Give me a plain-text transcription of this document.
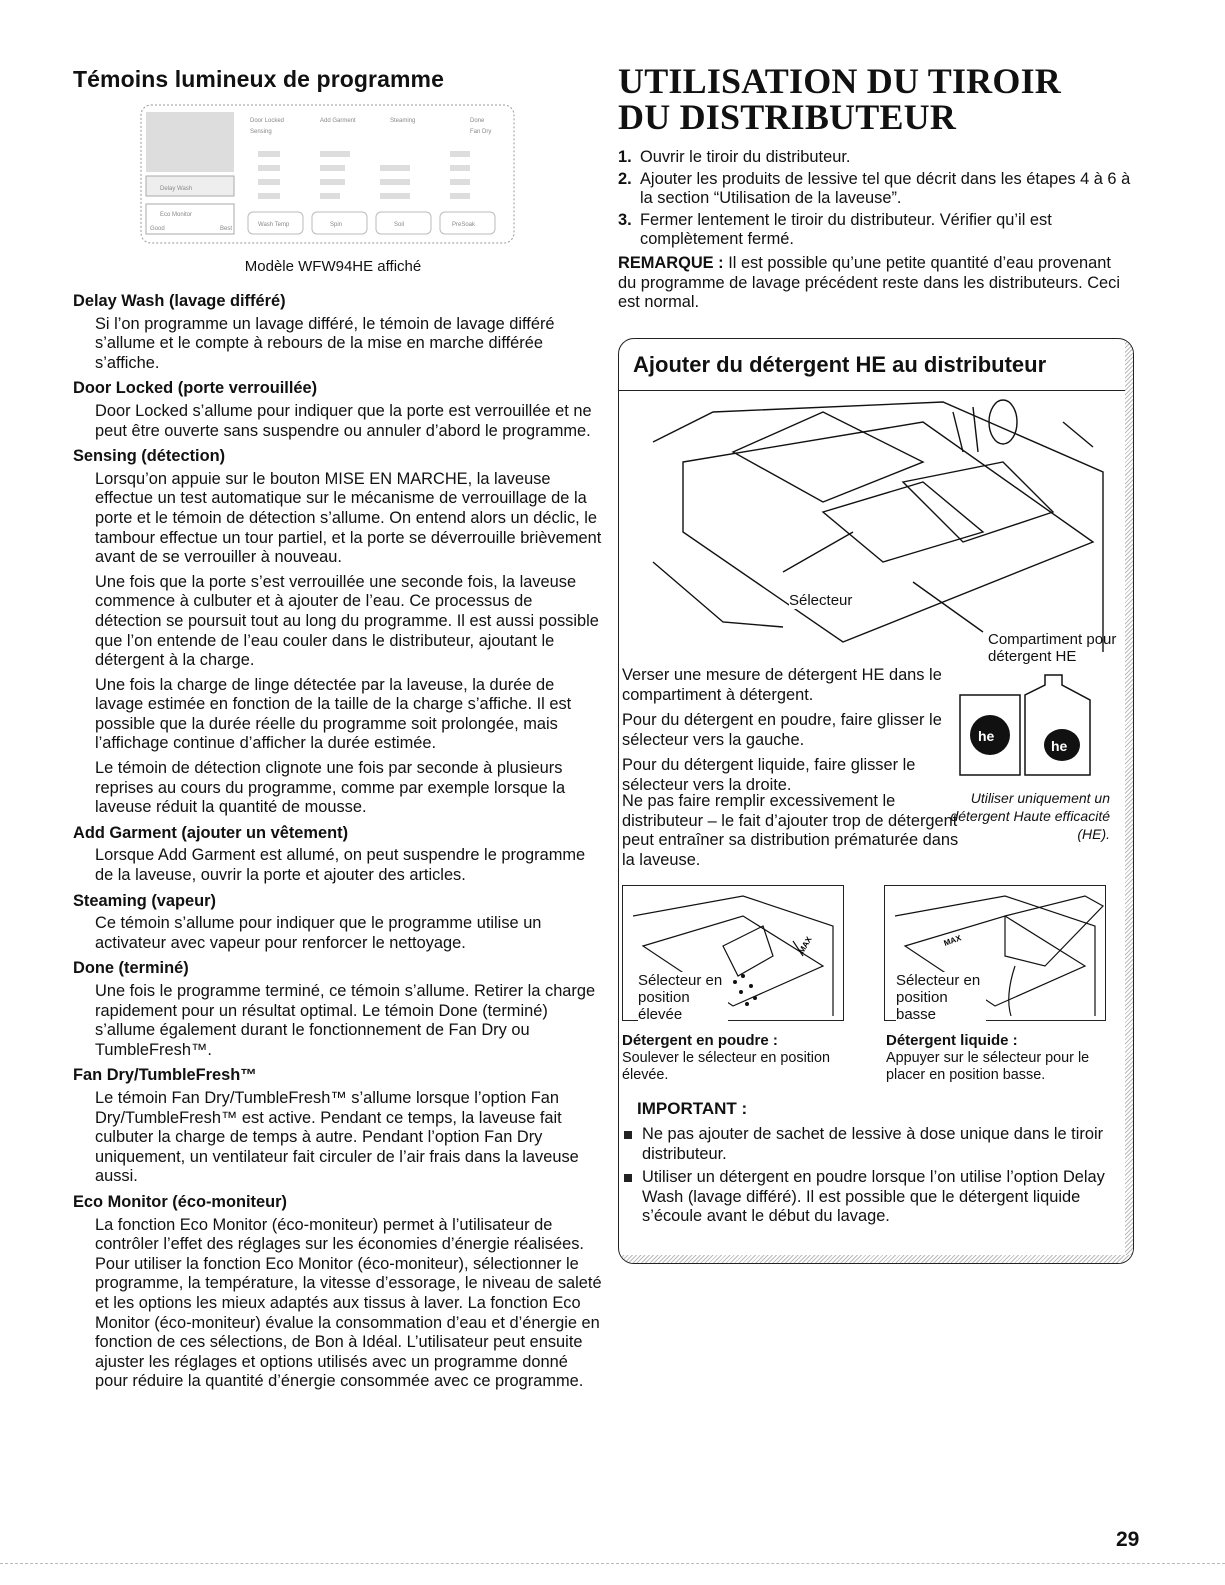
Témoins lumineux de programme
Delay Wash
Eco Monitor
Good	Best
Door Locked
Sensing
Add Garment	Steaming	Done
Fan Dry
Wash Temp	Spin	Soil	PreSoak
Modèle WFW94HE affiché
Delay Wash (lavage différé)

Si l’on programme un lavage différé, le témoin de lavage différé s’allume et le compte à rebours de la mise en marche différée s’affiche.

Door Locked (porte verrouillée)

Door Locked s’allume pour indiquer que la porte est verrouillée et ne peut être ouverte sans suspendre ou annuler d’abord le programme.

Sensing (détection)

Lorsqu’on appuie sur le bouton MISE EN MARCHE, la laveuse effectue un test automatique sur le mécanisme de verrouillage de la porte et le témoin de détection s’allume. On entend alors un déclic, le tambour effectue un tour partiel, et la porte se déverrouille brièvement avant de se verrouiller à nouveau.

Une fois que la porte s’est verrouillée une seconde fois, la laveuse commence à culbuter et à ajouter de l’eau. Ce processus de détection se poursuit tout au long du programme. Il est aussi possible que l’on entende de l’eau couler dans le distributeur, ajoutant le détergent à la charge.

Une fois la charge de linge détectée par la laveuse, la durée de lavage estimée en fonction de la taille de la charge s’affiche. Il est possible que la durée réelle du programme soit prolongée, mais l’affichage continue d’afficher la durée estimée.

Le témoin de détection clignote une fois par seconde à plusieurs reprises au cours du programme, comme par exemple lorsque la laveuse réduit la quantité de mousse.

Add Garment (ajouter un vêtement)

Lorsque Add Garment est allumé, on peut suspendre le programme de la laveuse, ouvrir la porte et ajouter des articles.

Steaming (vapeur)

Ce témoin s’allume pour indiquer que le programme utilise un activateur avec vapeur pour renforcer le nettoyage.

Done (terminé)

Une fois le programme terminé, ce témoin s’allume. Retirer la charge rapidement pour un résultat optimal. Le témoin Done (terminé) s’allume également durant le fonctionnement de Fan Dry ou TumbleFresh™.

Fan Dry/TumbleFresh™

Le témoin Fan Dry/TumbleFresh™ s’allume lorsque l’option Fan Dry/TumbleFresh™ est active. Pendant ce temps, la laveuse fait culbuter la charge de temps à autre. Pendant l’option Fan Dry uniquement, un ventilateur fait circuler de l’air frais dans la laveuse aussi.

Eco Monitor (éco-moniteur)

La fonction Eco Monitor (éco-moniteur) permet à l’utilisateur de contrôler l’effet des réglages sur les économies d’énergie réalisées. Pour utiliser la fonction Eco Monitor (éco-moniteur), sélectionner le programme, la température, la vitesse d’essorage, le niveau de saleté et les options les mieux adaptés aux tissus à laver. La fonction Eco Monitor (éco-moniteur) évalue la consommation d’eau et d’énergie en fonction de ces sélections, de Bon à Idéal. L’utilisateur peut ensuite ajuster les réglages et options utilisés avec un programme donné pour réduire la quantité d’énergie consommée avec ce programme.

UTILISATION DU TIROIR
DU DISTRIBUTEUR
1. Ouvrir le tiroir du distributeur.
2. Ajouter les produits de lessive tel que décrit dans les étapes 4 à 6 à la section “Utilisation de la laveuse”.
3. Fermer lentement le tiroir du distributeur. Vérifier qu’il est complètement fermé.
REMARQUE : Il est possible qu’une petite quantité d’eau provenant du programme de lavage précédent reste dans les distributeurs. Ceci est normal.
Ajouter du détergent HE au distributeur
Sélecteur
Compartiment pour détergent HE

Verser une mesure de détergent HE dans le compartiment à détergent.

Pour du détergent en poudre, faire glisser le sélecteur vers la gauche.

Pour du détergent liquide, faire glisser le sélecteur vers la droite.

he
he
Ne pas faire remplir excessivement le distributeur – le fait d’ajouter trop de détergent peut entraîner sa distribution prématurée dans la laveuse.
Utiliser uniquement un détergent Haute efficacité (HE).
MAX
Sélecteur en position élevée
MAX
Sélecteur en position basse
Détergent en poudre :
Soulever le sélecteur en position élevée.
Détergent liquide :
Appuyer sur le sélecteur pour le placer en position basse.
IMPORTANT :
Ne pas ajouter de sachet de lessive à dose unique dans le tiroir distributeur.
Utiliser un détergent en poudre lorsque l’on utilise l’option Delay Wash (lavage différé). Il est possible que le détergent liquide s’écoule avant le début du lavage.
29
